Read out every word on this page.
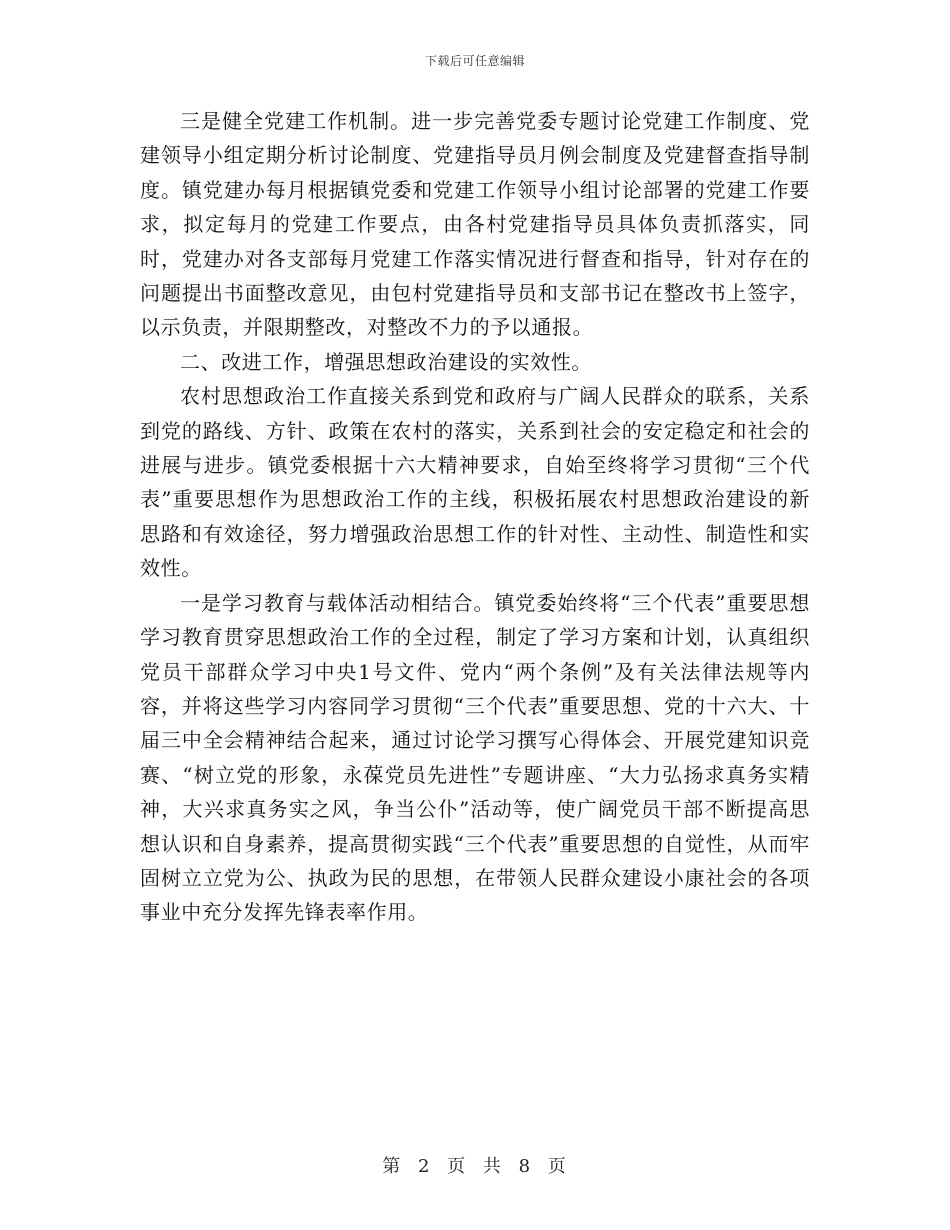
下载后可任意编辑

三是健全党建工作机制。进一步完善党委专题讨论党建工作制度、党建领导小组定期分析讨论制度、党建指导员月例会制度及党建督查指导制度。镇党建办每月根据镇党委和党建工作领导小组讨论部署的党建工作要求，拟定每月的党建工作要点，由各村党建指导员具体负责抓落实，同时，党建办对各支部每月党建工作落实情况进行督查和指导，针对存在的问题提出书面整改意见，由包村党建指导员和支部书记在整改书上签字，以示负责，并限期整改，对整改不力的予以通报。

二、改进工作，增强思想政治建设的实效性。

农村思想政治工作直接关系到党和政府与广阔人民群众的联系，关系到党的路线、方针、政策在农村的落实，关系到社会的安定稳定和社会的进展与进步。镇党委根据十六大精神要求，自始至终将学习贯彻“三个代表”重要思想作为思想政治工作的主线，积极拓展农村思想政治建设的新思路和有效途径，努力增强政治思想工作的针对性、主动性、制造性和实效性。

一是学习教育与载体活动相结合。镇党委始终将“三个代表”重要思想学习教育贯穿思想政治工作的全过程，制定了学习方案和计划，认真组织党员干部群众学习中央1号文件、党内“两个条例”及有关法律法规等内容，并将这些学习内容同学习贯彻“三个代表”重要思想、党的十六大、十届三中全会精神结合起来，通过讨论学习撰写心得体会、开展党建知识竞赛、“树立党的形象，永葆党员先进性”专题讲座、“大力弘扬求真务实精神，大兴求真务实之风，争当公仆”活动等，使广阔党员干部不断提高思想认识和自身素养，提高贯彻实践“三个代表”重要思想的自觉性，从而牢固树立立党为公、执政为民的思想，在带领人民群众建设小康社会的各项事业中充分发挥先锋表率作用。

第 2 页 共 8 页
